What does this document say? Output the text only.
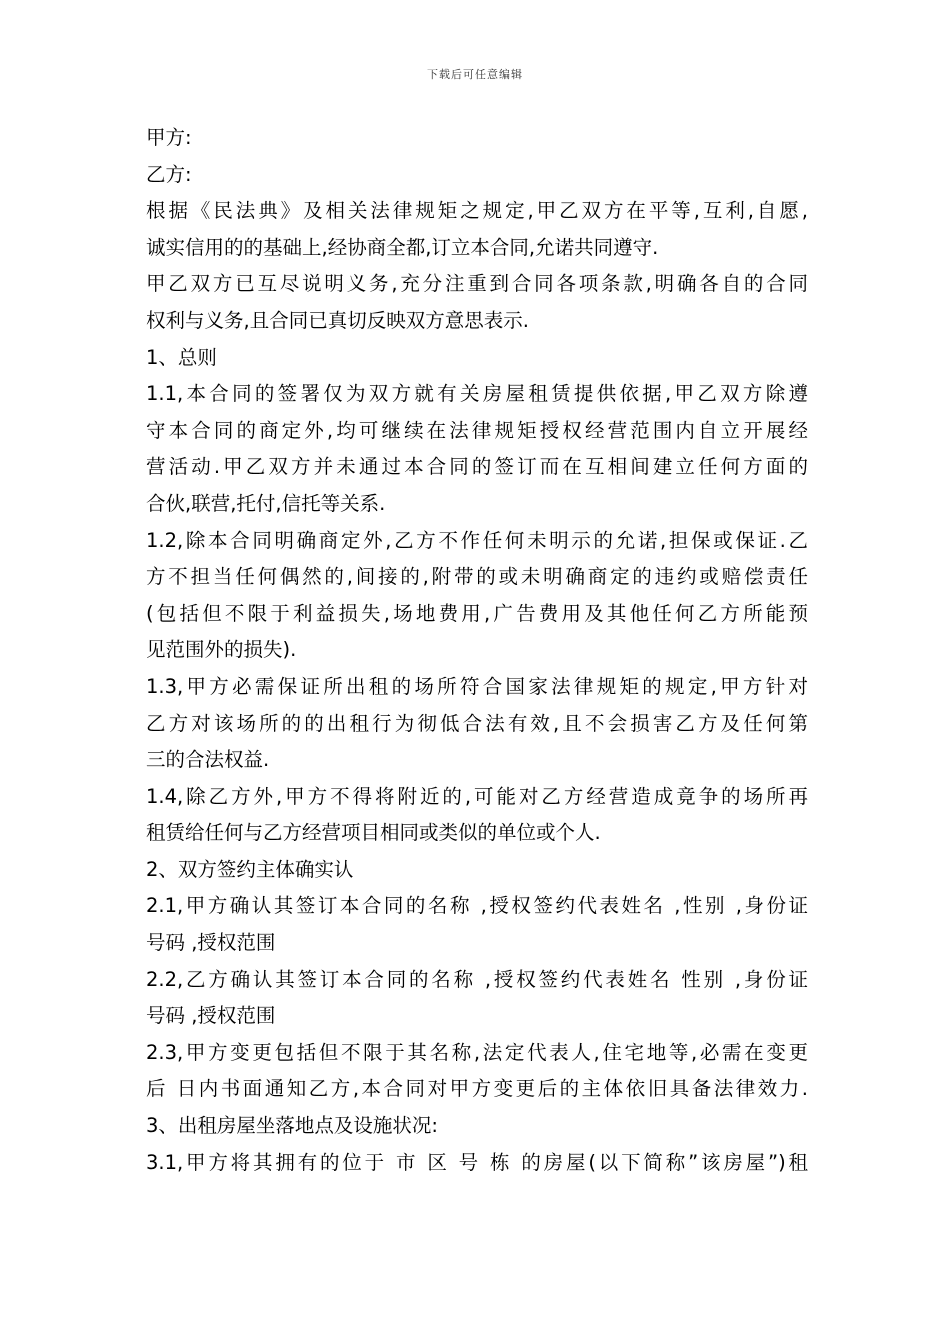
下载后可任意编辑
甲方:
乙方:
根据《民法典》及相关法律规矩之规定,甲乙双方在平等,互利,自愿,
诚实信用的的基础上,经协商全都,订立本合同,允诺共同遵守.
甲乙双方已互尽说明义务,充分注重到合同各项条款,明确各自的合同
权利与义务,且合同已真切反映双方意思表示.
1、总则
1.1,本合同的签署仅为双方就有关房屋租赁提供依据,甲乙双方除遵
守本合同的商定外,均可继续在法律规矩授权经营范围内自立开展经
营活动.甲乙双方并未通过本合同的签订而在互相间建立任何方面的
合伙,联营,托付,信托等关系.
1.2,除本合同明确商定外,乙方不作任何未明示的允诺,担保或保证.乙
方不担当任何偶然的,间接的,附带的或未明确商定的违约或赔偿责任
(包括但不限于利益损失,场地费用,广告费用及其他任何乙方所能预
见范围外的损失).
1.3,甲方必需保证所出租的场所符合国家法律规矩的规定,甲方针对
乙方对该场所的的出租行为彻低合法有效,且不会损害乙方及任何第
三的合法权益.
1.4,除乙方外,甲方不得将附近的,可能对乙方经营造成竟争的场所再
租赁给任何与乙方经营项目相同或类似的单位或个人.
2、双方签约主体确实认
2.1,甲方确认其签订本合同的名称 ,授权签约代表姓名 ,性别 ,身份证
号码 ,授权范围
2.2,乙方确认其签订本合同的名称 ,授权签约代表姓名 性别 ,身份证
号码 ,授权范围
2.3,甲方变更包括但不限于其名称,法定代表人,住宅地等,必需在变更
后 日内书面通知乙方,本合同对甲方变更后的主体依旧具备法律效力.
3、出租房屋坐落地点及设施状况:
3.1,甲方将其拥有的位于 市 区 号 栋 的房屋(以下简称”该房屋”)租
